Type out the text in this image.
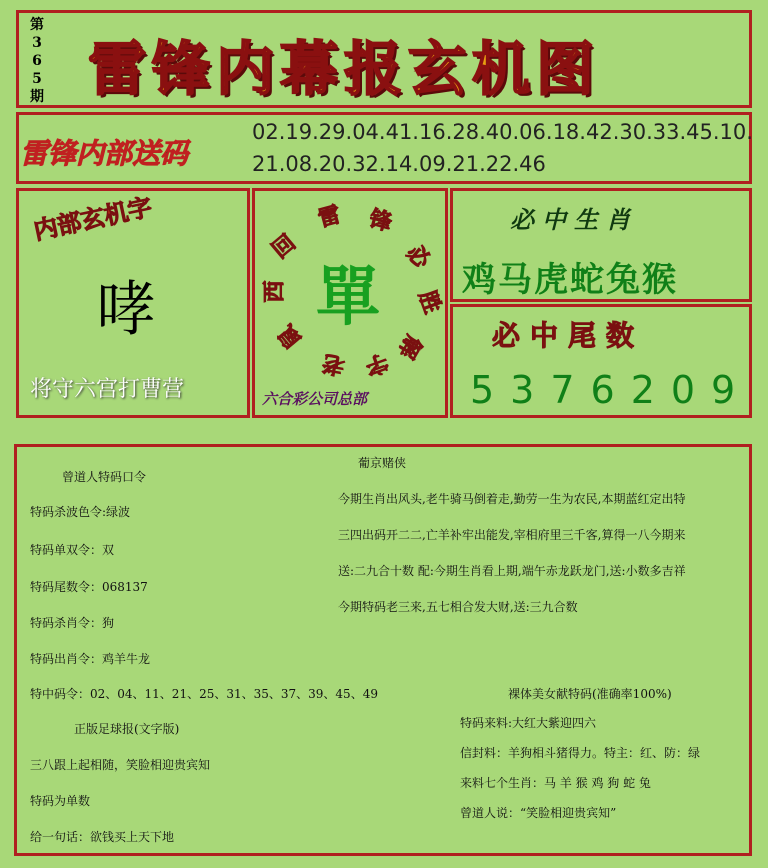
第
3
6
5
期 雷锋内幕报玄机图
雷锋内部送码
02.19.29.04.41.16.28.40.06.18.42.30.33.45.10.
21.08.20.32.14.09.21.22.46
内部玄机字
哮
将守六宫打曹营
單
回
雷 锋
必
胜
解
字
老
鼠
西
六合彩公司总部
必中生肖
鸡马虎蛇兔猴
必中尾数
5376209
葡京赌侠
曾道人特码口令
特码杀波色令:绿波
特码单双令：双
特码尾数令：068137
特码杀肖令：狗
特码出肖令：鸡羊牛龙
特中码令：02、04、11、21、25、31、35、37、39、45、49
正版足球报(文字版)
三八跟上起相随，笑脸相迎贵宾知
特码为单数
给一句话：欲钱买上天下地
今期生肖出风头,老牛骑马倒着走,勤劳一生为农民,本期蓝红定出特
三四出码开二二,亡羊补牢出能发,宰相府里三千客,算得一八今期来
送:二九合十数 配:今期生肖看上期,端午赤龙跃龙门,送:小数多吉祥
今期特码老三来,五七相合发大财,送:三九合数
裸体美女献特码(准确率100%)
特码来料:大红大紫迎四六
信封料：羊狗相斗猪得力。特主：红、防：绿
来料七个生肖：马 羊 猴 鸡 狗 蛇 兔
曾道人说：“笑脸相迎贵宾知”
